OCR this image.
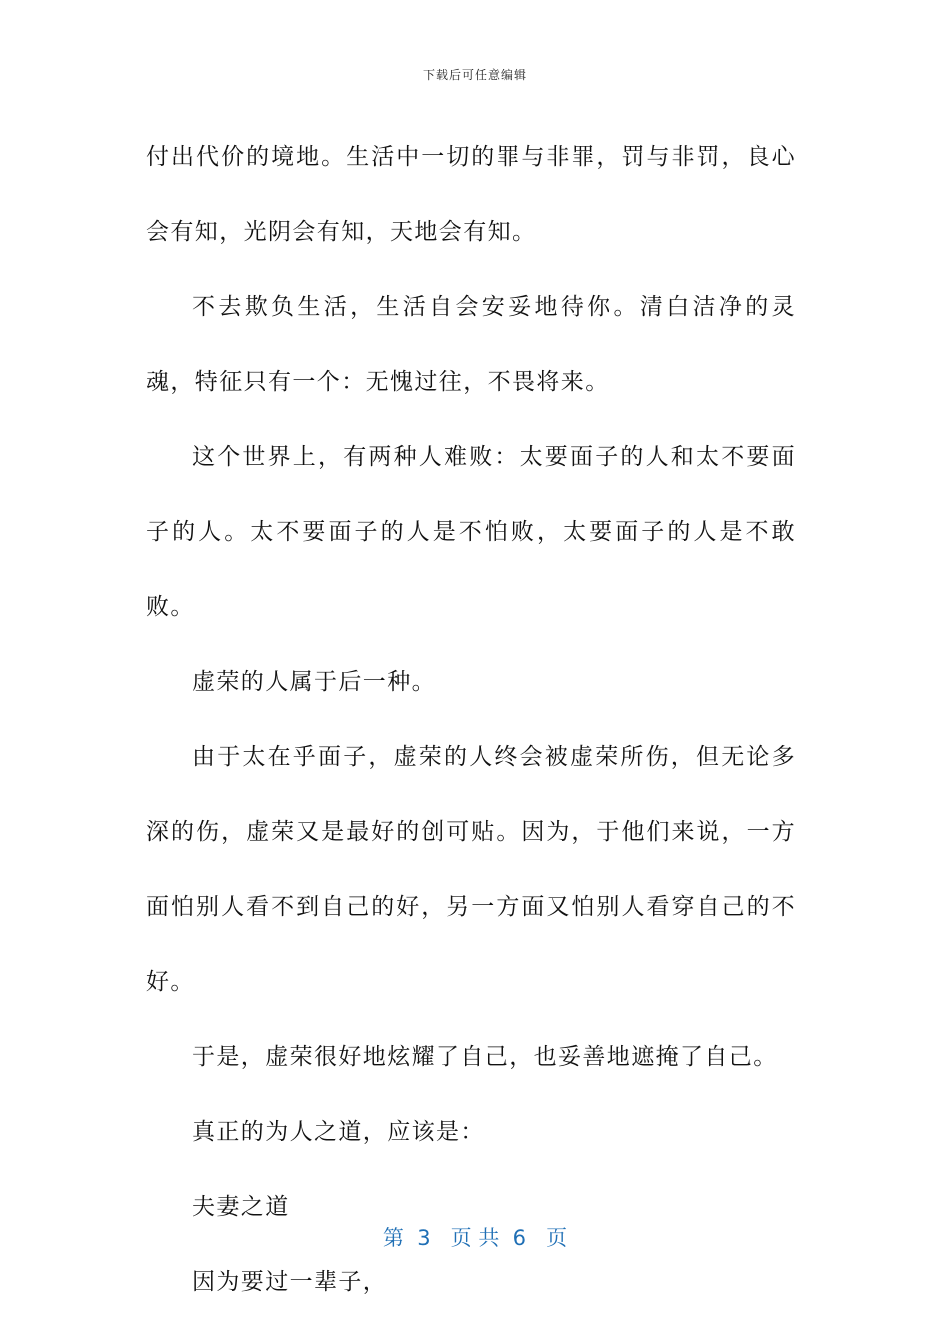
下载后可任意编辑

付出代价的境地。生活中一切的罪与非罪，罚与非罚，良心会有知，光阴会有知，天地会有知。

不去欺负生活，生活自会安妥地待你。清白洁净的灵魂，特征只有一个：无愧过往，不畏将来。

这个世界上，有两种人难败：太要面子的人和太不要面子的人。太不要面子的人是不怕败，太要面子的人是不敢败。

虚荣的人属于后一种。

由于太在乎面子，虚荣的人终会被虚荣所伤，但无论多深的伤，虚荣又是最好的创可贴。因为，于他们来说，一方面怕别人看不到自己的好，另一方面又怕别人看穿自己的不好。

于是，虚荣很好地炫耀了自己，也妥善地遮掩了自己。

真正的为人之道，应该是：

夫妻之道

因为要过一辈子，

第  3   页 共  6   页
